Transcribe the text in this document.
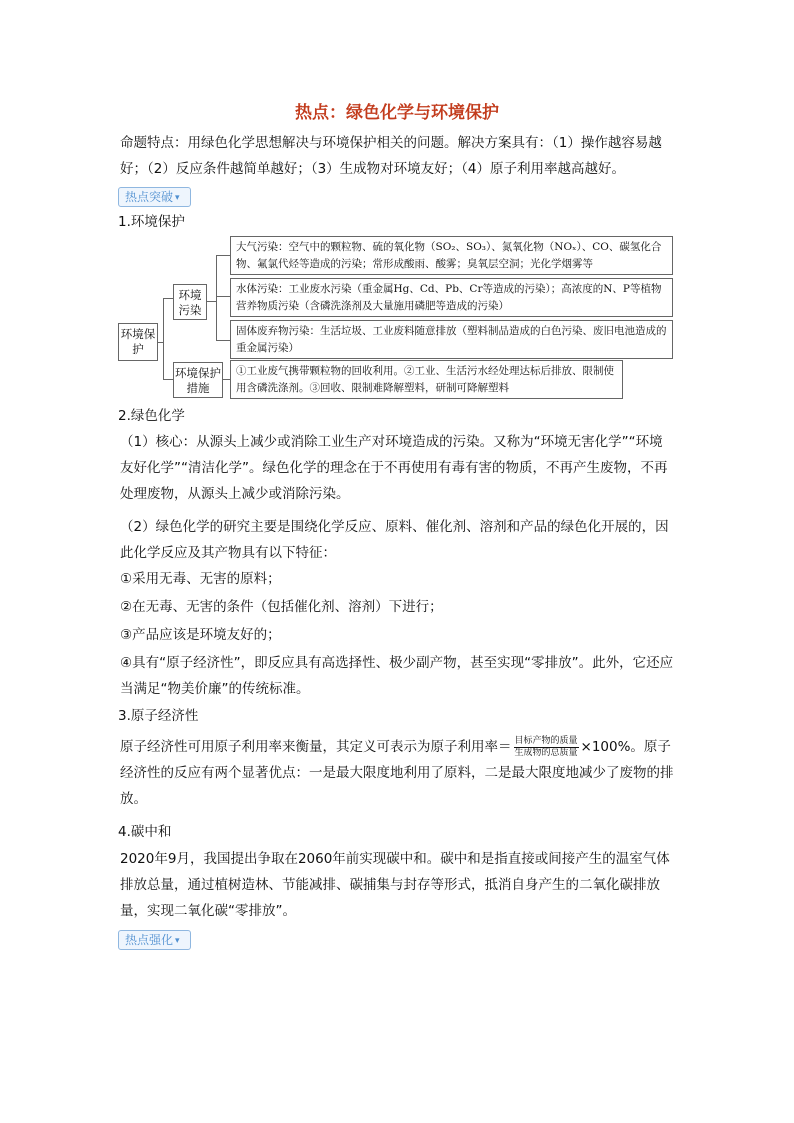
热点：绿色化学与环境保护
命题特点：用绿色化学思想解决与环境保护相关的问题。解决方案具有：（1）操作越容易越好；（2）反应条件越简单越好；（3）生成物对环境友好；（4）原子利用率越高越好。
热点突破 ▾
1.环境保护
环境保护
环境污染
环境保护措施
大气污染：空气中的颗粒物、硫的氧化物（SO₂、SO₃）、氮氧化物（NOₓ）、CO、碳氢化合物、氟氯代烃等造成的污染；常形成酸雨、酸雾；臭氧层空洞；光化学烟雾等
水体污染：工业废水污染（重金属Hg、Cd、Pb、Cr等造成的污染）；高浓度的N、P等植物营养物质污染（含磷洗涤剂及大量施用磷肥等造成的污染）
固体废弃物污染：生活垃圾、工业废料随意排放（塑料制品造成的白色污染、废旧电池造成的重金属污染）
①工业废气携带颗粒物的回收利用。②工业、生活污水经处理达标后排放、限制使用含磷洗涤剂。③回收、限制难降解塑料，研制可降解塑料
2.绿色化学
（1）核心：从源头上减少或消除工业生产对环境造成的污染。又称为“环境无害化学”“环境友好化学”“清洁化学”。绿色化学的理念在于不再使用有毒有害的物质，不再产生废物，不再处理废物，从源头上减少或消除污染。
（2）绿色化学的研究主要是围绕化学反应、原料、催化剂、溶剂和产品的绿色化开展的，因此化学反应及其产物具有以下特征：
①采用无毒、无害的原料；
②在无毒、无害的条件（包括催化剂、溶剂）下进行；
③产品应该是环境友好的；
④具有“原子经济性”，即反应具有高选择性、极少副产物，甚至实现“零排放”。此外，它还应当满足“物美价廉”的传统标准。
3.原子经济性
原子经济性可用原子利用率来衡量，其定义可表示为原子利用率＝ $\frac{\text{目标产物的质量}}{\text{生成物的总质量}} \times 100\%$。原子经济性的反应有两个显著优点：一是最大限度地利用了原料，二是最大限度地减少了废物的排放。
4.碳中和
2020年9月，我国提出争取在2060年前实现碳中和。碳中和是指直接或间接产生的温室气体排放总量，通过植树造林、节能减排、碳捕集与封存等形式，抵消自身产生的二氧化碳排放量，实现二氧化碳“零排放”。
热点强化 ▾
